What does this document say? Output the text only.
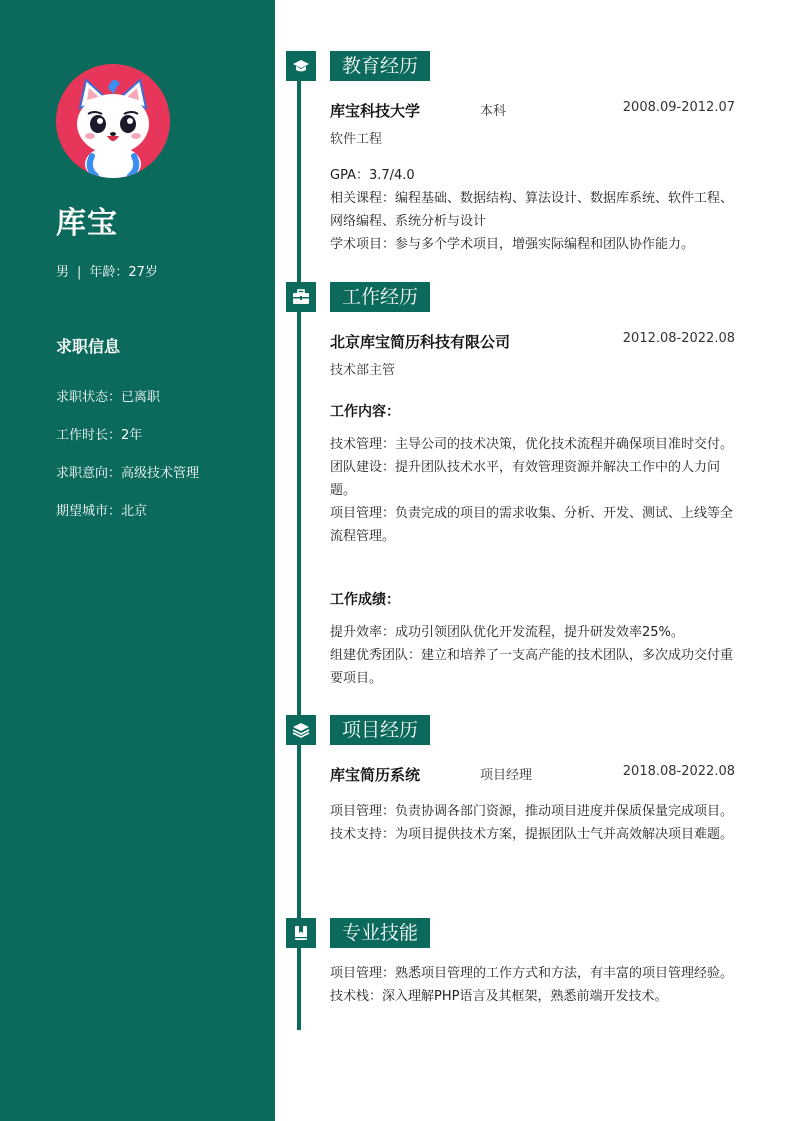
库宝
男 | 年龄：27岁
求职信息
求职状态：已离职
工作时长：2年
求职意向：高级技术管理
期望城市：北京
教育经历
库宝科技大学	本科	2008.09-2012.07
软件工程
GPA：3.7/4.0
相关课程：编程基础、数据结构、算法设计、数据库系统、软件工程、网络编程、系统分析与设计
学术项目：参与多个学术项目，增强实际编程和团队协作能力。
工作经历
北京库宝简历科技有限公司	2012.08-2022.08
技术部主管
工作内容：
技术管理：主导公司的技术决策，优化技术流程并确保项目准时交付。
团队建设：提升团队技术水平，有效管理资源并解决工作中的人力问题。
项目管理：负责完成的项目的需求收集、分析、开发、测试、上线等全流程管理。
工作成绩：
提升效率：成功引领团队优化开发流程，提升研发效率25%。
组建优秀团队：建立和培养了一支高产能的技术团队，多次成功交付重要项目。
项目经历
库宝简历系统	项目经理	2018.08-2022.08
项目管理：负责协调各部门资源，推动项目进度并保质保量完成项目。
技术支持：为项目提供技术方案，提振团队士气并高效解决项目难题。
专业技能
项目管理：熟悉项目管理的工作方式和方法，有丰富的项目管理经验。
技术栈：深入理解PHP语言及其框架，熟悉前端开发技术。
